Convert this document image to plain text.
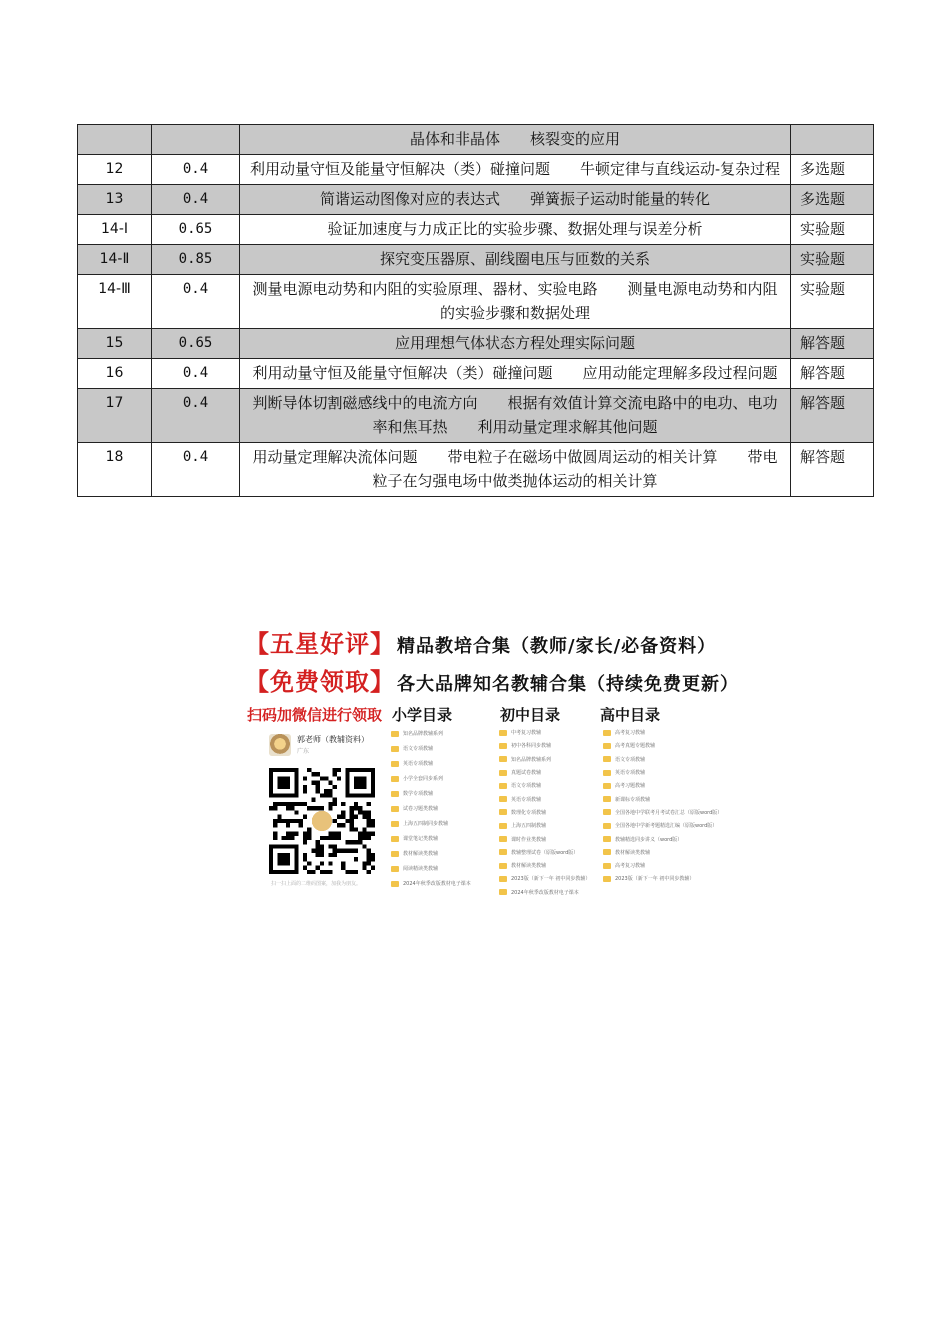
		晶体和非晶体　　核裂变的应用	
12	0.4	利用动量守恒及能量守恒解决（类）碰撞问题　　牛顿定律与直线运动-复杂过程	多选题
13	0.4	简谐运动图像对应的表达式　　弹簧振子运动时能量的转化	多选题
14-Ⅰ	0.65	验证加速度与力成正比的实验步骤、数据处理与误差分析	实验题
14-Ⅱ	0.85	探究变压器原、副线圈电压与匝数的关系	实验题
14-Ⅲ	0.4	测量电源电动势和内阻的实验原理、器材、实验电路　　测量电源电动势和内阻的实验步骤和数据处理	实验题
15	0.65	应用理想气体状态方程处理实际问题	解答题
16	0.4	利用动量守恒及能量守恒解决（类）碰撞问题　　应用动能定理解多段过程问题	解答题
17	0.4	判断导体切割磁感线中的电流方向　　根据有效值计算交流电路中的电功、电功率和焦耳热　　利用动量定理求解其他问题	解答题
18	0.4	用动量定理解决流体问题　　带电粒子在磁场中做圆周运动的相关计算　　带电粒子在匀强电场中做类抛体运动的相关计算	解答题
【五星好评】 精品教培合集（教师/家长/必备资料）
【免费领取】 各大品牌知名教辅合集（持续免费更新）
扫码加微信进行领取 小学目录	初中目录	高中目录
郭老师（教辅资料）
广东
扫一扫上面的二维码图案，加我为朋友。
知名品牌教辅系列
语文专项教辅
英语专项教辅
小学全套同步系列
数学专项教辅
试卷习题类教辅
上海五四制同步教辅
课堂笔记类教辅
教材解读类教辅
阅读精读类教辅
2024年秋季改版教材电子课本
中考复习教辅
初中各科同步教辅
知名品牌教辅系列
真题试卷教辅
语文专项教辅
英语专项教辅
数理化专项教辅
上海五四制教辅
课时作业类教辅
教辅整理试卷（原版word版）
教材解读类教辅
2023版（新下一年 初中同步教辅）
2024年秋季改版教材电子课本
高考复习教辅
高考真题专题教辅
语文专项教辅
英语专项教辅
高考习题教辅
新课标专项教辅
全国各地中学联考月考试卷汇总（原版word版）
全国各地中学新考题精选汇编（原版word版）
教辅精选同步讲义（word版）
教材解读类教辅
高考复习教辅
2023版（新下一年 初中同步教辅）
